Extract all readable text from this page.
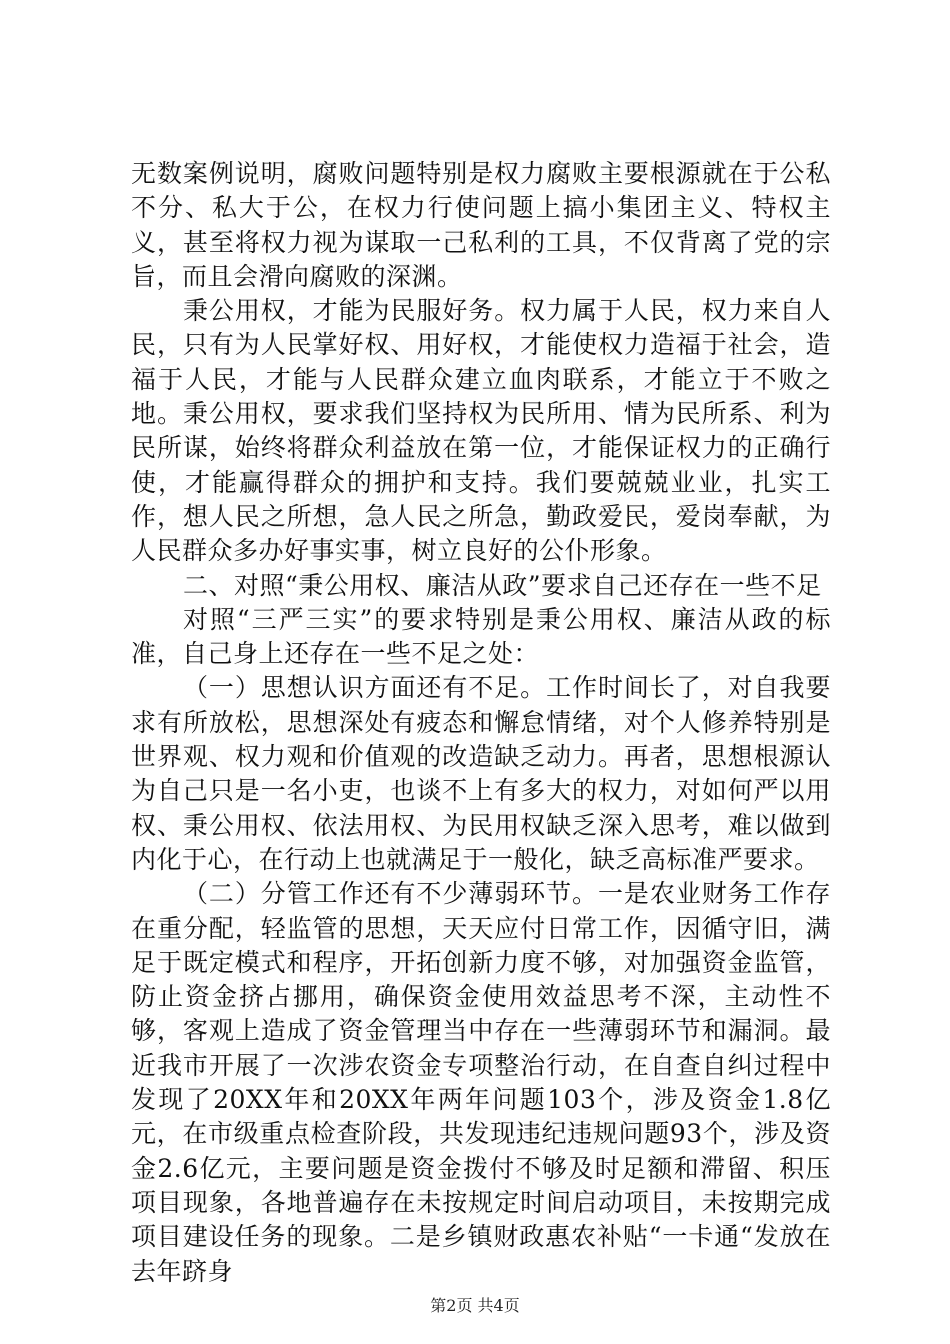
无数案例说明，腐败问题特别是权力腐败主要根源就在于公私不分、私大于公，在权力行使问题上搞小集团主义、特权主义，甚至将权力视为谋取一己私利的工具，不仅背离了党的宗旨，而且会滑向腐败的深渊。

秉公用权，才能为民服好务。权力属于人民，权力来自人民，只有为人民掌好权、用好权，才能使权力造福于社会，造福于人民，才能与人民群众建立血肉联系，才能立于不败之地。秉公用权，要求我们坚持权为民所用、情为民所系、利为民所谋，始终将群众利益放在第一位，才能保证权力的正确行使，才能赢得群众的拥护和支持。我们要兢兢业业，扎实工作，想人民之所想，急人民之所急，勤政爱民，爱岗奉献，为人民群众多办好事实事，树立良好的公仆形象。

二、对照“秉公用权、廉洁从政”要求自己还存在一些不足

对照“三严三实”的要求特别是秉公用权、廉洁从政的标准，自己身上还存在一些不足之处：

（一）思想认识方面还有不足。工作时间长了，对自我要求有所放松，思想深处有疲态和懈怠情绪，对个人修养特别是世界观、权力观和价值观的改造缺乏动力。再者，思想根源认为自己只是一名小吏，也谈不上有多大的权力，对如何严以用权、秉公用权、依法用权、为民用权缺乏深入思考，难以做到内化于心，在行动上也就满足于一般化，缺乏高标准严要求。

（二）分管工作还有不少薄弱环节。一是农业财务工作存在重分配，轻监管的思想，天天应付日常工作，因循守旧，满足于既定模式和程序，开拓创新力度不够，对加强资金监管，防止资金挤占挪用，确保资金使用效益思考不深，主动性不够，客观上造成了资金管理当中存在一些薄弱环节和漏洞。最近我市开展了一次涉农资金专项整治行动，在自查自纠过程中发现了20XX年和20XX年两年问题103个，涉及资金1.8亿元，在市级重点检查阶段，共发现违纪违规问题93个，涉及资金2.6亿元，主要问题是资金拨付不够及时足额和滞留、积压项目现象，各地普遍存在未按规定时间启动项目，未按期完成项目建设任务的现象。二是乡镇财政惠农补贴“一卡通“发放在去年跻身

第2页 共4页
